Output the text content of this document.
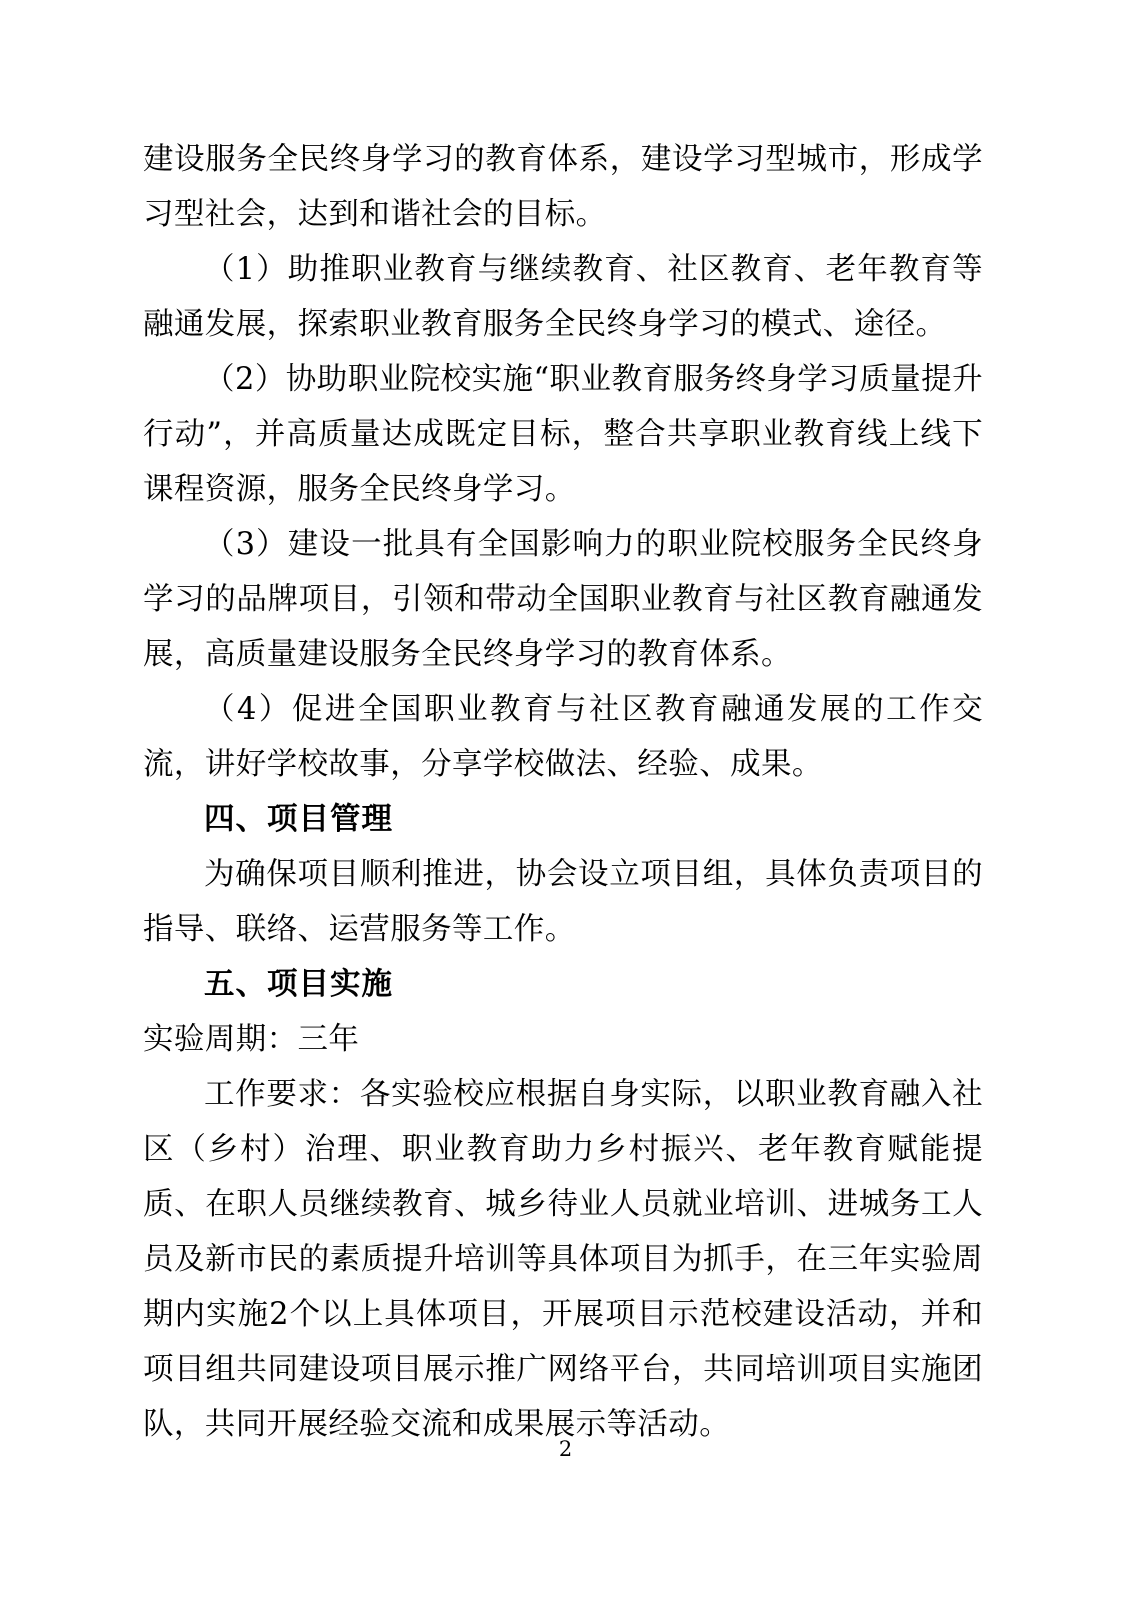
建设服务全民终身学习的教育体系，建设学习型城市，形成学习型社会，达到和谐社会的目标。

（1）助推职业教育与继续教育、社区教育、老年教育等融通发展，探索职业教育服务全民终身学习的模式、途径。

（2）协助职业院校实施“职业教育服务终身学习质量提升行动”，并高质量达成既定目标，整合共享职业教育线上线下课程资源，服务全民终身学习。

（3）建设一批具有全国影响力的职业院校服务全民终身学习的品牌项目，引领和带动全国职业教育与社区教育融通发展，高质量建设服务全民终身学习的教育体系。

（4）促进全国职业教育与社区教育融通发展的工作交流，讲好学校故事，分享学校做法、经验、成果。

四、项目管理

为确保项目顺利推进，协会设立项目组，具体负责项目的指导、联络、运营服务等工作。

五、项目实施

实验周期：三年

工作要求：各实验校应根据自身实际，以职业教育融入社区（乡村）治理、职业教育助力乡村振兴、老年教育赋能提质、在职人员继续教育、城乡待业人员就业培训、进城务工人员及新市民的素质提升培训等具体项目为抓手，在三年实验周期内实施2个以上具体项目，开展项目示范校建设活动，并和项目组共同建设项目展示推广网络平台，共同培训项目实施团队，共同开展经验交流和成果展示等活动。

2
